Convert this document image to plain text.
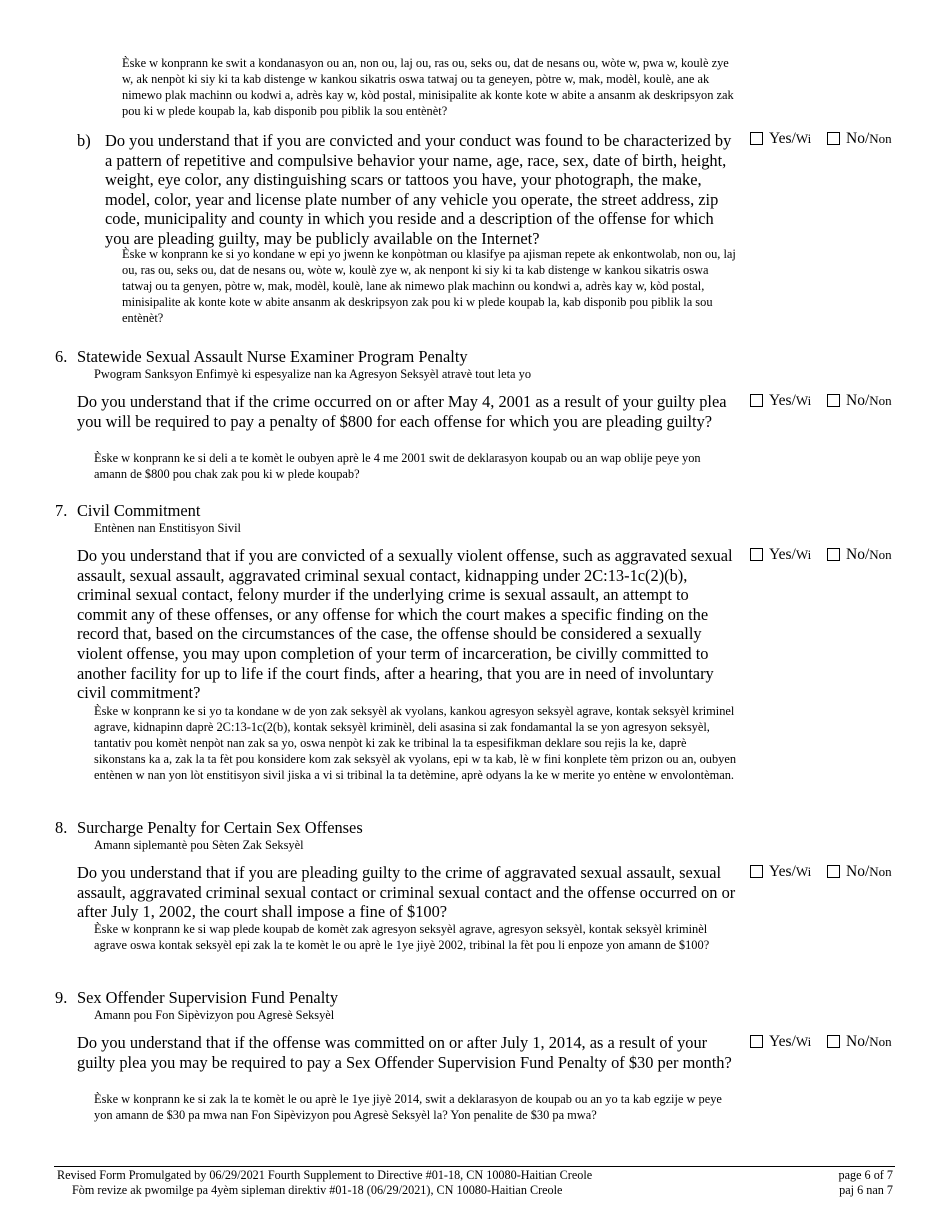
Èske w konprann ke swit a kondanasyon ou an, non ou, laj ou, ras ou, seks ou, dat de nesans ou, wòte w, pwa w, koulè zye w, ak nenpòt ki siy ki ta kab distenge w kankou sikatris oswa tatwaj ou ta geneyen, pòtre w, mak, modèl, koulè, ane ak nimewo plak machinn ou kodwi a, adrès kay w, kòd postal, minisipalite ak konte kote w abite a ansanm ak deskripsyon zak pou ki w plede koupab la, kab disponib pou piblik la sou entènèt?
b) Do you understand that if you are convicted and your conduct was found to be characterized by a pattern of repetitive and compulsive behavior your name, age, race, sex, date of birth, height, weight, eye color, any distinguishing scars or tattoos you have, your photograph, the make, model, color, year and license plate number of any vehicle you operate, the street address, zip code, municipality and county in which you reside and a description of the offense for which you are pleading guilty, may be publicly available on the Internet?
Èske w konprann ke si yo kondane w epi yo jwenn ke konpòtman ou klasifye pa ajisman repete ak enkontwolab, non ou, laj ou, ras ou, seks ou, dat de nesans ou, wòte w, koulè zye w, ak nenpont ki siy ki ta kab distenge w kankou sikatris oswa tatwaj ou ta genyen, pòtre w, mak, modèl, koulè, lane ak nimewo plak machinn ou kondwi a, adrès kay w, kòd postal, minisipalite ak konte kote w abite ansanm ak deskripsyon zak pou ki w plede koupab la, kab disponib pou piblik la sou entènèt?
Yes/Wi No/Non
6. Statewide Sexual Assault Nurse Examiner Program Penalty
Pwogram Sanksyon Enfimyè ki espesyalize nan ka Agresyon Seksyèl atravè tout leta yo
Do you understand that if the crime occurred on or after May 4, 2001 as a result of your guilty plea you will be required to pay a penalty of $800 for each offense for which you are pleading guilty?
Èske w konprann ke si deli a te komèt le oubyen aprè le 4 me 2001 swit de deklarasyon koupab ou an wap oblije peye yon amann de $800 pou chak zak pou ki w plede koupab?
Yes/Wi No/Non
7. Civil Commitment
Entènen nan Enstitisyon Sivil
Do you understand that if you are convicted of a sexually violent offense, such as aggravated sexual assault, sexual assault, aggravated criminal sexual contact, kidnapping under 2C:13-1c(2)(b), criminal sexual contact, felony murder if the underlying crime is sexual assault, an attempt to commit any of these offenses, or any offense for which the court makes a specific finding on the record that, based on the circumstances of the case, the offense should be considered a sexually violent offense, you may upon completion of your term of incarceration, be civilly committed to another facility for up to life if the court finds, after a hearing, that you are in need of involuntary civil commitment?
Èske w konprann ke si yo ta kondane w de yon zak seksyèl ak vyolans, kankou agresyon seksyèl agrave, kontak seksyèl kriminel agrave, kidnapinn daprè 2C:13-1c(2(b), kontak seksyèl kriminèl, deli asasina si zak fondamantal la se yon agresyon seksyèl, tantativ pou komèt nenpòt nan zak sa yo, oswa nenpòt ki zak ke tribinal la ta espesifikman deklare sou rejis la ke, daprè sikonstans ka a, zak la ta fèt pou konsidere kom zak seksyèl ak vyolans, epi w ta kab, lè w fini konplete tèm prizon ou an, oubyen entènen w nan yon lòt enstitisyon sivil jiska a vi si tribinal la ta detèmine, aprè odyans la ke w merite yo entène w envolontèman.
Yes/Wi No/Non
8. Surcharge Penalty for Certain Sex Offenses
Amann siplemantè pou Sèten Zak Seksyèl
Do you understand that if you are pleading guilty to the crime of aggravated sexual assault, sexual assault, aggravated criminal sexual contact or criminal sexual contact and the offense occurred on or after July 1, 2002, the court shall impose a fine of $100?
Èske w konprann ke si wap plede koupab de komèt zak agresyon seksyèl agrave, agresyon seksyèl, kontak seksyèl kriminèl agrave oswa kontak seksyèl epi zak la te komèt le ou aprè le 1ye jiyè 2002, tribinal la fèt pou li enpoze yon amann de $100?
Yes/Wi No/Non
9. Sex Offender Supervision Fund Penalty
Amann pou Fon Sipèvizyon pou Agresè Seksyèl
Do you understand that if the offense was committed on or after July 1, 2014, as a result of your guilty plea you may be required to pay a Sex Offender Supervision Fund Penalty of $30 per month?
Èske w konprann ke si zak la te komèt le ou aprè le 1ye jiyè 2014, swit a deklarasyon de koupab ou an yo ta kab egzije w peye yon amann de $30 pa mwa nan Fon Sipèvizyon pou Agresè Seksyèl la? Yon penalite de $30 pa mwa?
Yes/Wi No/Non
Revised Form Promulgated by 06/29/2021 Fourth Supplement to Directive #01-18, CN 10080-Haitian Creole
Fòm revize ak pwomilge pa 4yèm sipleman direktiv #01-18 (06/29/2021), CN 10080-Haitian Creole
page 6 of 7
paj 6 nan 7
